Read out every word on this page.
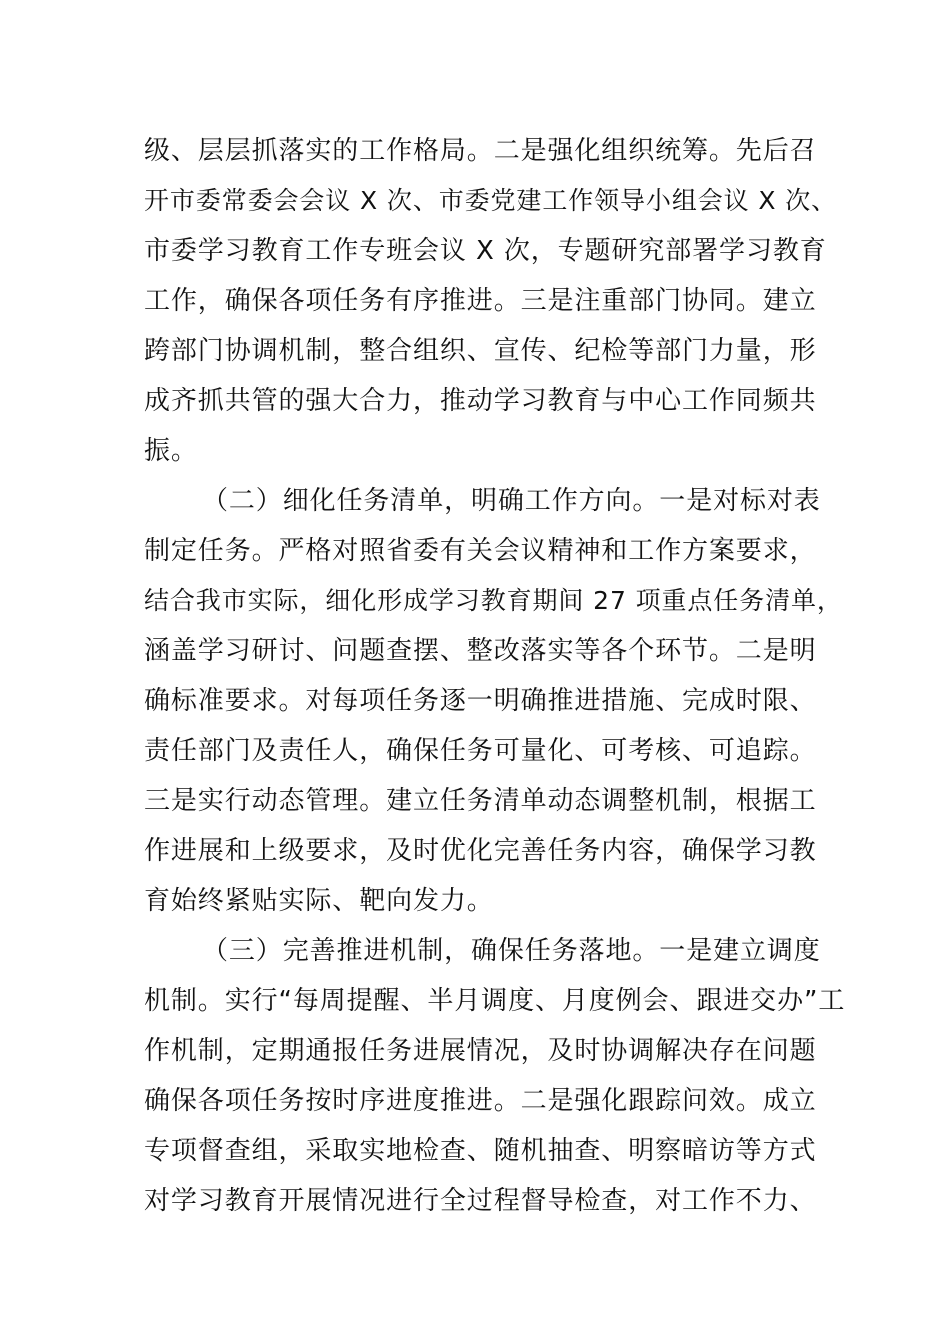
级、层层抓落实的工作格局。二是强化组织统筹。先后召
开市委常委会会议 X 次、市委党建工作领导小组会议 X 次、
市委学习教育工作专班会议 X 次，专题研究部署学习教育
工作，确保各项任务有序推进。三是注重部门协同。建立
跨部门协调机制，整合组织、宣传、纪检等部门力量，形
成齐抓共管的强大合力，推动学习教育与中心工作同频共
振。
（二）细化任务清单，明确工作方向。一是对标对表
制定任务。严格对照省委有关会议精神和工作方案要求，
结合我市实际，细化形成学习教育期间 27 项重点任务清单，
涵盖学习研讨、问题查摆、整改落实等各个环节。二是明
确标准要求。对每项任务逐一明确推进措施、完成时限、
责任部门及责任人，确保任务可量化、可考核、可追踪。
三是实行动态管理。建立任务清单动态调整机制，根据工
作进展和上级要求，及时优化完善任务内容，确保学习教
育始终紧贴实际、靶向发力。
（三）完善推进机制，确保任务落地。一是建立调度
机制。实行“每周提醒、半月调度、月度例会、跟进交办”工
作机制，定期通报任务进展情况，及时协调解决存在问题
确保各项任务按时序进度推进。二是强化跟踪问效。成立
专项督查组，采取实地检查、随机抽查、明察暗访等方式
对学习教育开展情况进行全过程督导检查，对工作不力、
